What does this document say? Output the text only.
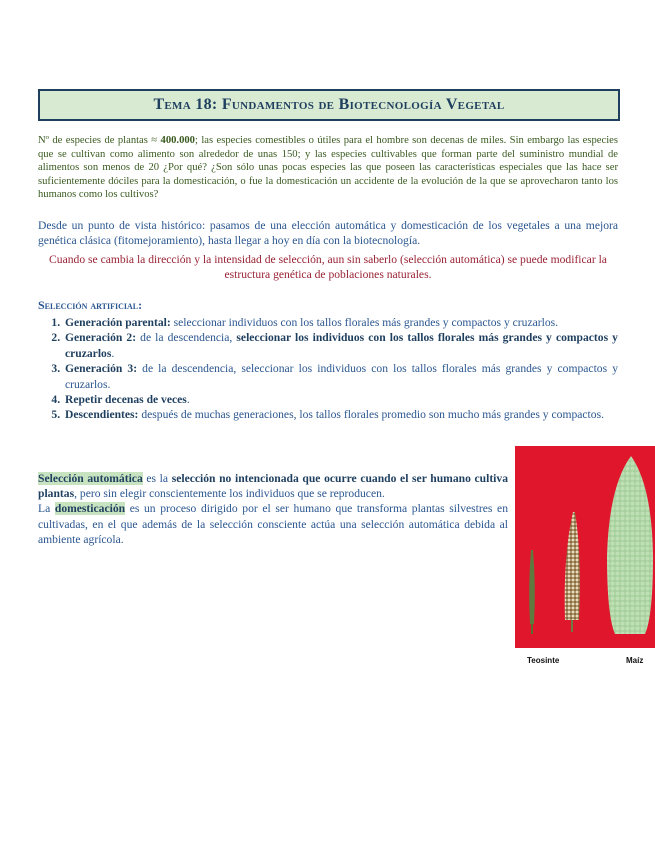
Tema 18: Fundamentos de Biotecnología Vegetal

Nº de especies de plantas ≈ 400.000; las especies comestibles o útiles para el hombre son decenas de miles. Sin embargo las especies que se cultivan como alimento son alrededor de unas 150; y las especies cultivables que forman parte del suministro mundial de alimentos son menos de 20 ¿Por qué? ¿Son sólo unas pocas especies las que poseen las características especiales que las hace ser suficientemente dóciles para la domesticación, o fue la domesticación un accidente de la evolución de la que se aprovecharon tanto los humanos como los cultivos?

Desde un punto de vista histórico: pasamos de una elección automática y domesticación de los vegetales a una mejora genética clásica (fitomejoramiento), hasta llegar a hoy en día con la biotecnología.

Cuando se cambia la dirección y la intensidad de selección, aun sin saberlo (selección automática) se puede modificar la estructura genética de poblaciones naturales.

Selección artificial:

1. Generación parental: seleccionar individuos con los tallos florales más grandes y compactos y cruzarlos.
2. Generación 2: de la descendencia, seleccionar los individuos con los tallos florales más grandes y compactos y cruzarlos.
3. Generación 3: de la descendencia, seleccionar los individuos con los tallos florales más grandes y compactos y cruzarlos.
4. Repetir decenas de veces.
5. Descendientes: después de muchas generaciones, los tallos florales promedio son mucho más grandes y compactos.
Selección automática es la selección no intencionada que ocurre cuando el ser humano cultiva plantas, pero sin elegir conscientemente los individuos que se reproducen.
La domesticación es un proceso dirigido por el ser humano que transforma plantas silvestres en cultivadas, en el que además de la selección consciente actúa una selección automática debida al ambiente agrícola.
Teosinte	Maíz
